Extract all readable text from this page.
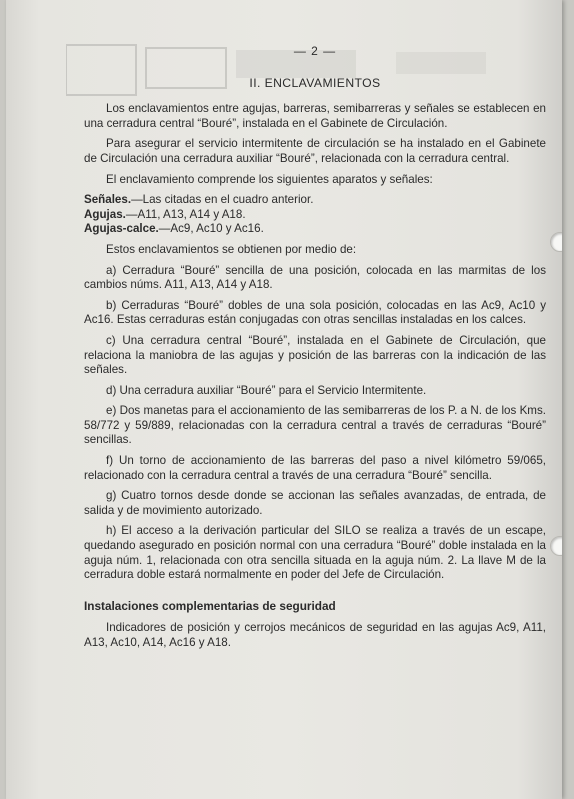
— 2 —
II. ENCLAVAMIENTOS

Los enclavamientos entre agujas, barreras, semibarreras y señales se establecen en una cerradura central “Bouré”, instalada en el Gabinete de Circulación.

Para asegurar el servicio intermitente de circulación se ha instalado en el Gabinete de Circulación una cerradura auxiliar “Bouré”, relacionada con la cerradura central.

El enclavamiento comprende los siguientes aparatos y señales:

Señales.—Las citadas en el cuadro anterior.
Agujas.—A11, A13, A14 y A18.
Agujas-calce.—Ac9, Ac10 y Ac16.

Estos enclavamientos se obtienen por medio de:

a) Cerradura “Bouré” sencilla de una posición, colocada en las marmitas de los cambios núms. A11, A13, A14 y A18.

b) Cerraduras “Bouré” dobles de una sola posición, colocadas en las Ac9, Ac10 y Ac16. Estas cerraduras están conjugadas con otras sencillas instaladas en los calces.

c) Una cerradura central “Bouré”, instalada en el Gabinete de Circulación, que relaciona la maniobra de las agujas y posición de las barreras con la indicación de las señales.

d) Una cerradura auxiliar “Bouré” para el Servicio Intermitente.

e) Dos manetas para el accionamiento de las semibarreras de los P. a N. de los Kms. 58/772 y 59/889, relacionadas con la cerradura central a través de cerraduras “Bouré” sencillas.

f) Un torno de accionamiento de las barreras del paso a nivel kilómetro 59/065, relacionado con la cerradura central a través de una cerradura “Bouré” sencilla.

g) Cuatro tornos desde donde se accionan las señales avanzadas, de entrada, de salida y de movimiento autorizado.

h) El acceso a la derivación particular del SILO se realiza a través de un escape, quedando asegurado en posición normal con una cerradura “Bouré” doble instalada en la aguja núm. 1, relacionada con otra sencilla situada en la aguja núm. 2. La llave M de la cerradura doble estará normalmente en poder del Jefe de Circulación.

Instalaciones complementarias de seguridad

Indicadores de posición y cerrojos mecánicos de seguridad en las agujas Ac9, A11, A13, Ac10, A14, Ac16 y A18.
